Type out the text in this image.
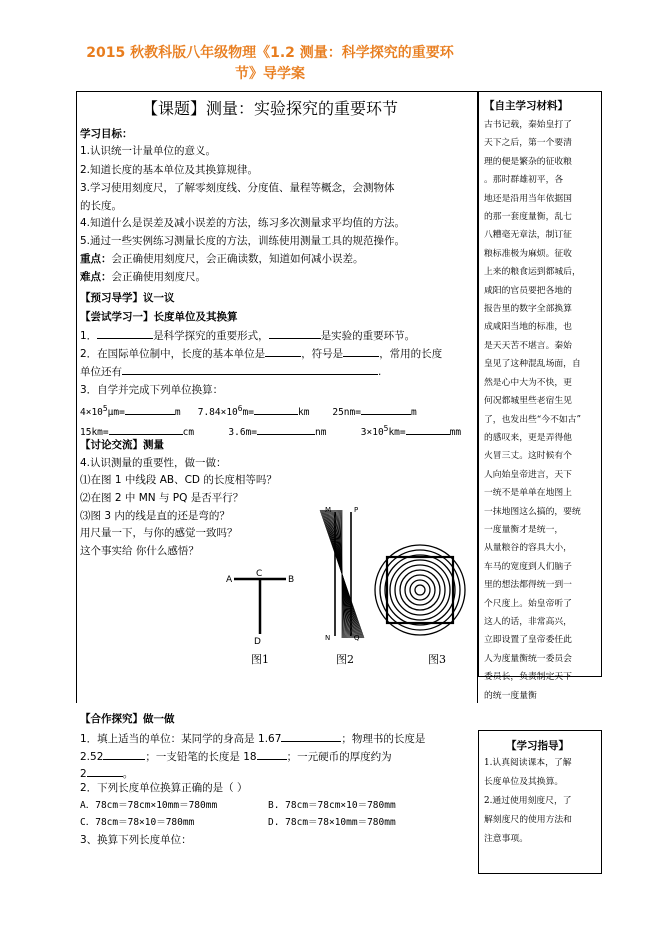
2015 秋教科版八年级物理《1.2 测量：科学探究的重要环
节》导学案
【课题】测量：实验探究的重要环节
学习目标：
1.认识统一计量单位的意义。
2.知道长度的基本单位及其换算规律。
3.学习使用刻度尺，了解零刻度线、分度值、量程等概念，会测物体
的长度。
4.知道什么是误差及减小误差的方法，练习多次测量求平均值的方法。
5.通过一些实例练习测量长度的方法，训练使用测量工具的规范操作。
重点：会正确使用刻度尺，会正确读数，知道如何减小误差。
难点：会正确使用刻度尺。
【预习导学】议一议
【尝试学习一】长度单位及其换算
1．	是科学探究的重要形式，	是实验的重要环节。
2．在国际单位制中，长度的基本单位是	，符号是	，常用的长度
单位还有	.
3．自学并完成下列单位换算：
$4\times 10^5\mu m=$	m $7.84\times 10^6m=$	km 25nm=	m
15km=	cm	3.6m=	nm	$3\times 10^5km=$	mm
【讨论交流】测量
4.认识测量的重要性，做一做：
⑴在图 1 中线段 AB、CD 的长度相等吗？
⑵在图 2 中 MN 与 PQ 是否平行？
⑶图 3 内的线是直的还是弯的？
用尺量一下，与你的感觉一致吗？
这个事实给 你什么感悟？
A	B
C
D
M	P
N	Q
图1	图2	图3
【合作探究】做一做
1．填上适当的单位：某同学的身高是 1.67	；物理书的长度是
2.52	；一支铅笔的长度是 18	；一元硬币的厚度约为
2	。
2．下列长度单位换算正确的是（ ）
A．78cm＝78cm×10mm＝780mm	B. 78cm＝78cm×10＝780mm
C．78cm＝78×10＝780mm	D. 78cm＝78×10mm＝780mm
3、换算下列长度单位：
【自主学习材料】
古书记载，秦始皇打了
天下之后，第一个要清
理的便是繁杂的征收粮
。那时群雄初平，各
地还是沿用当年依据国
的那一套度量衡，乱七
八糟毫无章法，制订征
粮标准极为麻烦。征收
上来的粮食运到都城后，
咸阳的官员要把各地的
报告里的数字全部换算
成咸阳当地的标准，也
是天天苦不堪言。秦始
皇见了这种混乱场面，自
然是心中大为不快，更
何况都城里些老宿生见
了，也发出些“今不如古”
的感叹来，更是弄得他
火冒三丈。这时候有个
人向始皇帝进言，天下
一统不是单单在地图上
一抹地图这么搞的，要统
一度量衡才是统一，
从量粮谷的容具大小，
车马的宽度到人们脑子
里的想法都得统一到一
个尺度上。始皇帝听了
这人的话，非常高兴，
立即设置了皇帝委任此
人为度量衡统一委员会
委员长，负责制定天下
的统一度量衡
【学习指导】
1.认真阅读课本，了解
长度单位及其换算。
2.通过使用刻度尺，了
解刻度尺的使用方法和
注意事项。
